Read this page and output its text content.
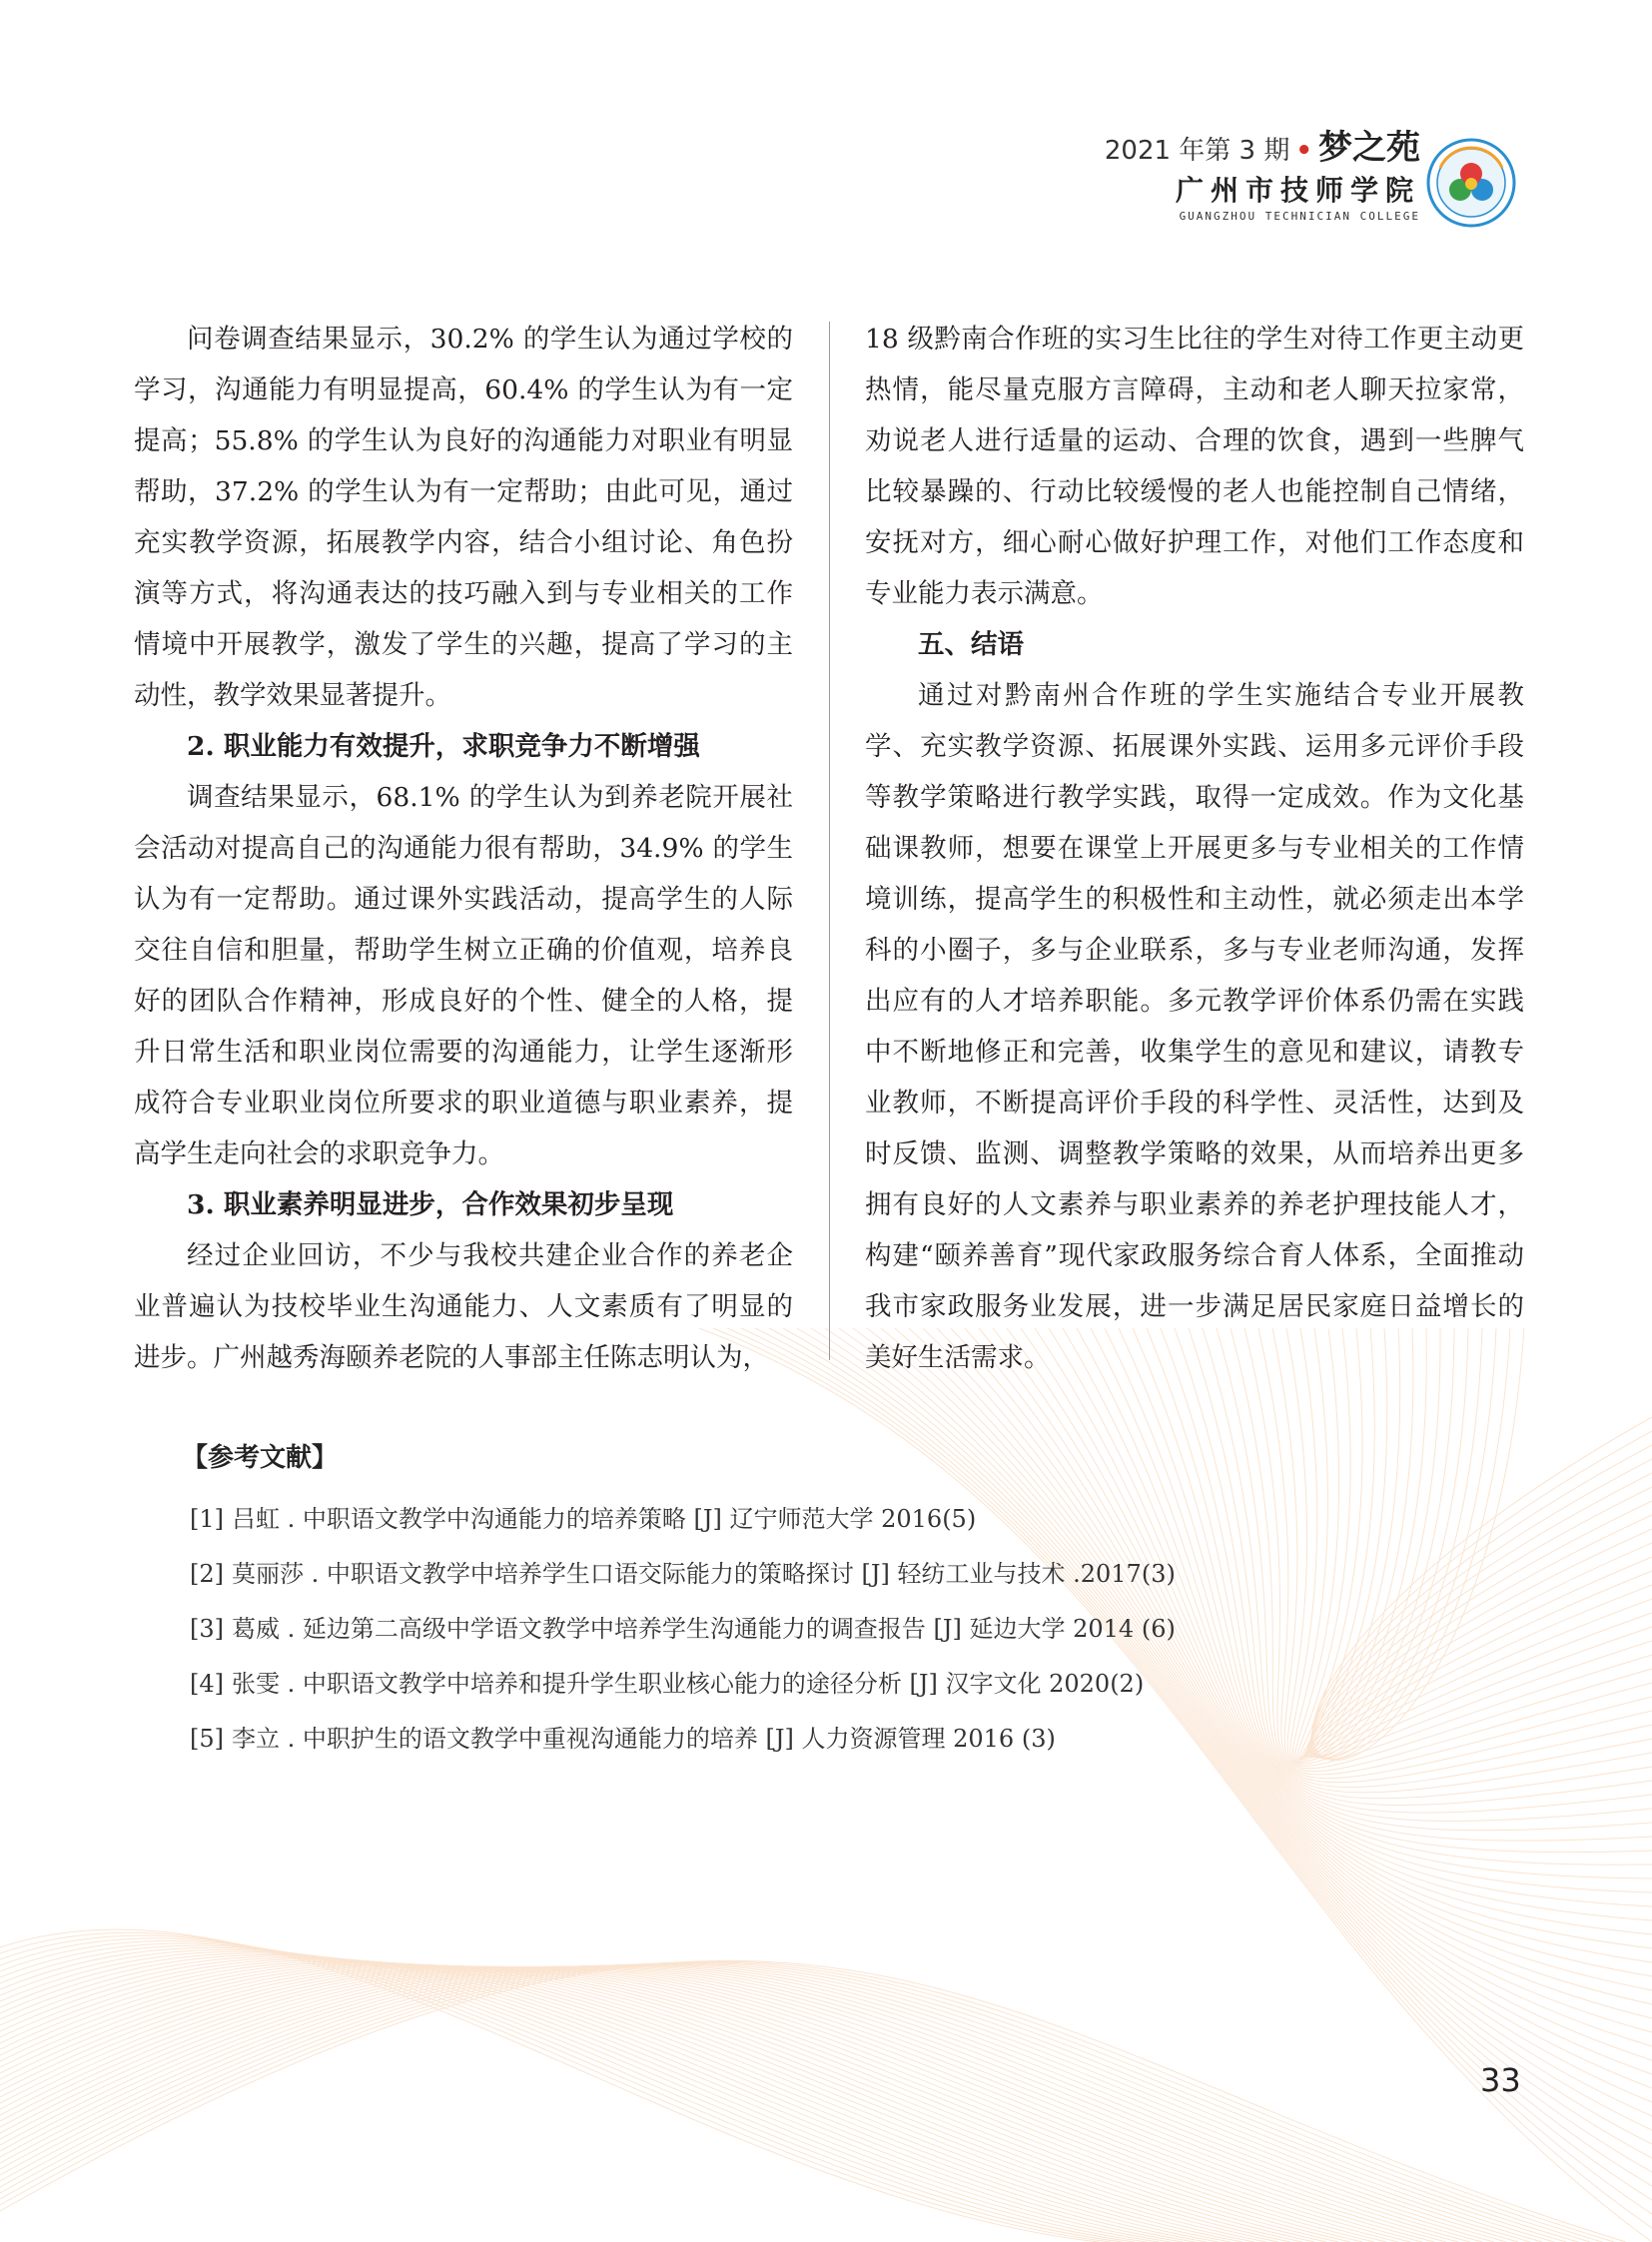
2021 年第 3 期 • 梦之苑
广州市技师学院
GUANGZHOU TECHNICIAN COLLEGE

问卷调查结果显示，30.2% 的学生认为通过学校的学习，沟通能力有明显提高，60.4% 的学生认为有一定提高；55.8% 的学生认为良好的沟通能力对职业有明显帮助，37.2% 的学生认为有一定帮助；由此可见，通过充实教学资源，拓展教学内容，结合小组讨论、角色扮演等方式，将沟通表达的技巧融入到与专业相关的工作情境中开展教学，激发了学生的兴趣，提高了学习的主动性，教学效果显著提升。

2. 职业能力有效提升，求职竞争力不断增强

调查结果显示，68.1% 的学生认为到养老院开展社会活动对提高自己的沟通能力很有帮助，34.9% 的学生认为有一定帮助。通过课外实践活动，提高学生的人际交往自信和胆量，帮助学生树立正确的价值观，培养良好的团队合作精神，形成良好的个性、健全的人格，提升日常生活和职业岗位需要的沟通能力，让学生逐渐形成符合专业职业岗位所要求的职业道德与职业素养，提高学生走向社会的求职竞争力。

3. 职业素养明显进步，合作效果初步呈现

经过企业回访，不少与我校共建企业合作的养老企业普遍认为技校毕业生沟通能力、人文素质有了明显的进步。广州越秀海颐养老院的人事部主任陈志明认为，

18 级黔南合作班的实习生比往的学生对待工作更主动更热情，能尽量克服方言障碍，主动和老人聊天拉家常，劝说老人进行适量的运动、合理的饮食，遇到一些脾气比较暴躁的、行动比较缓慢的老人也能控制自己情绪，安抚对方，细心耐心做好护理工作，对他们工作态度和专业能力表示满意。

五、结语

通过对黔南州合作班的学生实施结合专业开展教学、充实教学资源、拓展课外实践、运用多元评价手段等教学策略进行教学实践，取得一定成效。作为文化基础课教师，想要在课堂上开展更多与专业相关的工作情境训练，提高学生的积极性和主动性，就必须走出本学科的小圈子，多与企业联系，多与专业老师沟通，发挥出应有的人才培养职能。多元教学评价体系仍需在实践中不断地修正和完善，收集学生的意见和建议，请教专业教师，不断提高评价手段的科学性、灵活性，达到及时反馈、监测、调整教学策略的效果，从而培养出更多拥有良好的人文素养与职业素养的养老护理技能人才，构建“颐养善育”现代家政服务综合育人体系，全面推动我市家政服务业发展，进一步满足居民家庭日益增长的美好生活需求。

【参考文献】
[1] 吕虹 . 中职语文教学中沟通能力的培养策略 [J] 辽宁师范大学 2016(5)
[2] 莫丽莎 . 中职语文教学中培养学生口语交际能力的策略探讨 [J] 轻纺工业与技术 .2017(3)
[3] 葛威 . 延边第二高级中学语文教学中培养学生沟通能力的调查报告 [J] 延边大学 2014 (6)
[4] 张雯 . 中职语文教学中培养和提升学生职业核心能力的途径分析 [J] 汉字文化 2020(2)
[5] 李立 . 中职护生的语文教学中重视沟通能力的培养 [J] 人力资源管理 2016 (3)
33
